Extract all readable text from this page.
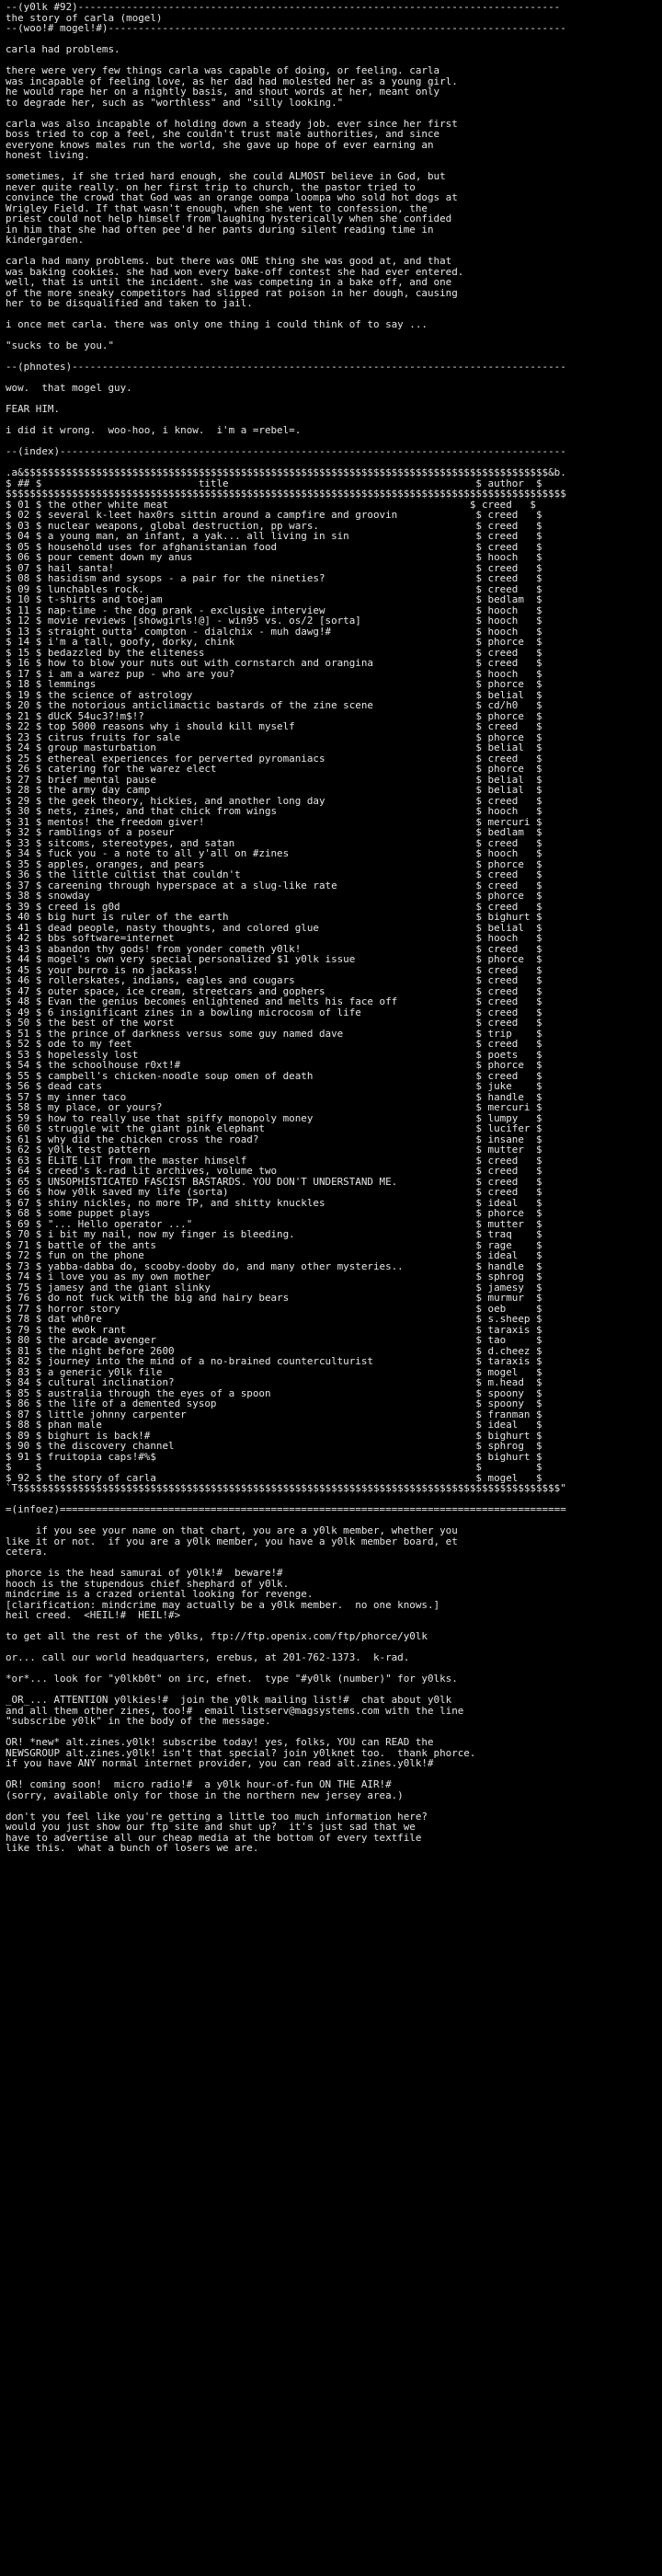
--(y0lk #92)--------------------------------------------------------------------------------
the story of carla (mogel)
--(woo!# mogel!#)----------------------------------------------------------------------------
carla had problems.
there were very few things carla was capable of doing, or feeling. carla
was incapable of feeling love, as her dad had molested her as a young girl.
he would rape her on a nightly basis, and shout words at her, meant only
to degrade her, such as "worthless" and "silly looking."
carla was also incapable of holding down a steady job. ever since her first
boss tried to cop a feel, she couldn't trust male authorities, and since
everyone knows males run the world, she gave up hope of ever earning an
honest living.
sometimes, if she tried hard enough, she could ALMOST believe in God, but
never quite really. on her first trip to church, the pastor tried to
convince the crowd that God was an orange oompa loompa who sold hot dogs at
Wrigley Field. If that wasn't enough, when she went to confession, the
priest could not help himself from laughing hysterically when she confided
in him that she had often pee'd her pants during silent reading time in
kindergarden.
carla had many problems. but there was ONE thing she was good at, and that
was baking cookies. she had won every bake-off contest she had ever entered.
well, that is until the incident. she was competing in a bake off, and one
of the more sneaky competitors had slipped rat poison in her dough, causing
her to be disqualified and taken to jail.
i once met carla. there was only one thing i could think of to say ...
"sucks to be you."
--(phnotes)----------------------------------------------------------------------------------
wow.  that mogel guy.
FEAR HIM.
i did it wrong.  woo-hoo, i know.  i'm a =rebel=.
--(index)------------------------------------------------------------------------------------
.a&$$$$$$$$$$$$$$$$$$$$$$$$$$$$$$$$$$$$$$$$$$$$$$$$$$$$$$$$$$$$$$$$$$$$$$$$$$$$$$$$$$$$$$$&b.
$ ## $                          title                                         $ author  $
$$$$$$$$$$$$$$$$$$$$$$$$$$$$$$$$$$$$$$$$$$$$$$$$$$$$$$$$$$$$$$$$$$$$$$$$$$$$$$$$$$$$$$$$$$$$$
$ 01 $ the other white meat                                                  $ creed   $
$ 02 $ several k-leet hax0rs sittin around a campfire and groovin             $ creed   $
$ 03 $ nuclear weapons, global destruction, pp wars.                          $ creed   $
$ 04 $ a young man, an infant, a yak... all living in sin                     $ creed   $
$ 05 $ household uses for afghanistanian food                                 $ creed   $
$ 06 $ pour cement down my anus                                               $ hooch   $
$ 07 $ hail santa!                                                            $ creed   $
$ 08 $ hasidism and sysops - a pair for the nineties?                         $ creed   $
$ 09 $ lunchables rock.                                                       $ creed   $
$ 10 $ t-shirts and toejam                                                    $ bedlam  $
$ 11 $ nap-time - the dog prank - exclusive interview                         $ hooch   $
$ 12 $ movie reviews [showgirls!@] - win95 vs. os/2 [sorta]                   $ hooch   $
$ 13 $ straight outta' compton - dialchix - muh dawg!#                        $ hooch   $
$ 14 $ i'm a tall, goofy, dorky, chink                                        $ phorce  $
$ 15 $ bedazzled by the eliteness                                             $ creed   $
$ 16 $ how to blow your nuts out with cornstarch and orangina                 $ creed   $
$ 17 $ i am a warez pup - who are you?                                        $ hooch   $
$ 18 $ lemmings                                                               $ phorce  $
$ 19 $ the science of astrology                                               $ belial  $
$ 20 $ the notorious anticlimactic bastards of the zine scene                 $ cd/h0   $
$ 21 $ dUcK 54uc3?!m$!?                                                       $ phorce  $
$ 22 $ top 5000 reasons why i should kill myself                              $ creed   $
$ 23 $ citrus fruits for sale                                                 $ phorce  $
$ 24 $ group masturbation                                                     $ belial  $
$ 25 $ ethereal experiences for perverted pyromaniacs                         $ creed   $
$ 26 $ catering for the warez elect                                           $ phorce  $
$ 27 $ brief mental pause                                                     $ belial  $
$ 28 $ the army day camp                                                      $ belial  $
$ 29 $ the geek theory, hickies, and another long day                         $ creed   $
$ 30 $ nets, zines, and that chick from wings                                 $ hooch   $
$ 31 $ mentos! the freedom giver!                                             $ mercuri $
$ 32 $ ramblings of a poseur                                                  $ bedlam  $
$ 33 $ sitcoms, stereotypes, and satan                                        $ creed   $
$ 34 $ fuck you - a note to all y'all on #zines                               $ hooch   $
$ 35 $ apples, oranges, and pears                                             $ phorce  $
$ 36 $ the little cultist that couldn't                                       $ creed   $
$ 37 $ careening through hyperspace at a slug-like rate                       $ creed   $
$ 38 $ snowday                                                                $ phorce  $
$ 39 $ creed is g0d                                                           $ creed   $
$ 40 $ big hurt is ruler of the earth                                         $ bighurt $
$ 41 $ dead people, nasty thoughts, and colored glue                          $ belial  $
$ 42 $ bbs software=internet                                                  $ hooch   $
$ 43 $ abandon thy gods! from yonder cometh y0lk!                             $ creed   $
$ 44 $ mogel's own very special personalized $1 y0lk issue                    $ phorce  $
$ 45 $ your burro is no jackass!                                              $ creed   $
$ 46 $ rollerskates, indians, eagles and cougars                              $ creed   $
$ 47 $ outer space, ice cream, streetcars and gophers                         $ creed   $
$ 48 $ Evan the genius becomes enlightened and melts his face off             $ creed   $
$ 49 $ 6 insignificant zines in a bowling microcosm of life                   $ creed   $
$ 50 $ the best of the worst                                                  $ creed   $
$ 51 $ the prince of darkness versus some guy named dave                      $ trip    $
$ 52 $ ode to my feet                                                         $ creed   $
$ 53 $ hopelessly lost                                                        $ poets   $
$ 54 $ the schoolhouse r0xt!#                                                 $ phorce  $
$ 55 $ campbell's chicken-noodle soup omen of death                           $ creed   $
$ 56 $ dead cats                                                              $ juke    $
$ 57 $ my inner taco                                                          $ handle  $
$ 58 $ my place, or yours?                                                    $ mercuri $
$ 59 $ how to really use that spiffy monopoly money                           $ lumpy   $
$ 60 $ struggle wit the giant pink elephant                                   $ lucifer $
$ 61 $ why did the chicken cross the road?                                    $ insane  $
$ 62 $ y0lk test pattern                                                      $ mutter  $
$ 63 $ ELiTE LiT from the master himself                                      $ creed   $
$ 64 $ creed's k-rad lit archives, volume two                                 $ creed   $
$ 65 $ UNSOPHISTICATED FASCIST BASTARDS. YOU DON'T UNDERSTAND ME.             $ creed   $
$ 66 $ how y0lk saved my life (sorta)                                         $ creed   $
$ 67 $ shiny nickles, no more TP, and shitty knuckles                         $ ideal   $
$ 68 $ some puppet plays                                                      $ phorce  $
$ 69 $ "... Hello operator ..."                                               $ mutter  $
$ 70 $ i bit my nail, now my finger is bleeding.                              $ traq    $
$ 71 $ battle of the ants                                                     $ rage    $
$ 72 $ fun on the phone                                                       $ ideal   $
$ 73 $ yabba-dabba do, scooby-dooby do, and many other mysteries..            $ handle  $
$ 74 $ i love you as my own mother                                            $ sphrog  $
$ 75 $ jamesy and the giant slinky                                            $ jamesy  $
$ 76 $ do not fuck with the big and hairy bears                               $ murmur  $
$ 77 $ horror story                                                           $ oeb     $
$ 78 $ dat wh0re                                                              $ s.sheep $
$ 79 $ the ewok rant                                                          $ taraxis $
$ 80 $ the arcade avenger                                                     $ tao     $
$ 81 $ the night before 2600                                                  $ d.cheez $
$ 82 $ journey into the mind of a no-brained counterculturist                 $ taraxis $
$ 83 $ a generic y0lk file                                                    $ mogel   $
$ 84 $ cultural inclination?                                                  $ m.head  $
$ 85 $ australia through the eyes of a spoon                                  $ spoony  $
$ 86 $ the life of a demented sysop                                           $ spoony  $
$ 87 $ little johnny carpenter                                                $ franman $
$ 88 $ phan male                                                              $ ideal   $
$ 89 $ bighurt is back!#                                                      $ bighurt $
$ 90 $ the discovery channel                                                  $ sphrog  $
$ 91 $ fruitopia caps!#%$                                                     $ bighurt $
$    $                                                                        $         $
$ 92 $ the story of carla                                                     $ mogel   $
`T$$$$$$$$$$$$$$$$$$$$$$$$$$$$$$$$$$$$$$$$$$$$$$$$$$$$$$$$$$$$$$$$$$$$$$$$$$$$$$$$$$$$$$$$$$"
=(infoez)====================================================================================
if you see your name on that chart, you are a y0lk member, whether you
like it or not.  if you are a y0lk member, you have a y0lk member board, et
cetera.
phorce is the head samurai of y0lk!#  beware!#
hooch is the stupendous chief shephard of y0lk.
mindcrime is a crazed oriental looking for revenge.
[clarification: mindcrime may actually be a y0lk member.  no one knows.]
heil creed.  <HEIL!#  HEIL!#>
to get all the rest of the y0lks, ftp://ftp.openix.com/ftp/phorce/y0lk
or... call our world headquarters, erebus, at 201-762-1373.  k-rad.
*or*... look for "y0lkb0t" on irc, efnet.  type "#y0lk (number)" for y0lks.
_OR_... ATTENTION y0lkies!#  join the y0lk mailing list!#  chat about y0lk
and all them other zines, too!#  email listserv@magsystems.com with the line
"subscribe y0lk" in the body of the message.
OR! *new* alt.zines.y0lk! subscribe today! yes, folks, YOU can READ the
NEWSGROUP alt.zines.y0lk! isn't that special? join y0lknet too.  thank phorce.
if you have ANY normal internet provider, you can read alt.zines.y0lk!#
OR! coming soon!  micro radio!#  a y0lk hour-of-fun ON THE AIR!#
(sorry, available only for those in the northern new jersey area.)
don't you feel like you're getting a little too much information here?
would you just show our ftp site and shut up?  it's just sad that we
have to advertise all our cheap media at the bottom of every textfile
like this.  what a bunch of losers we are.
